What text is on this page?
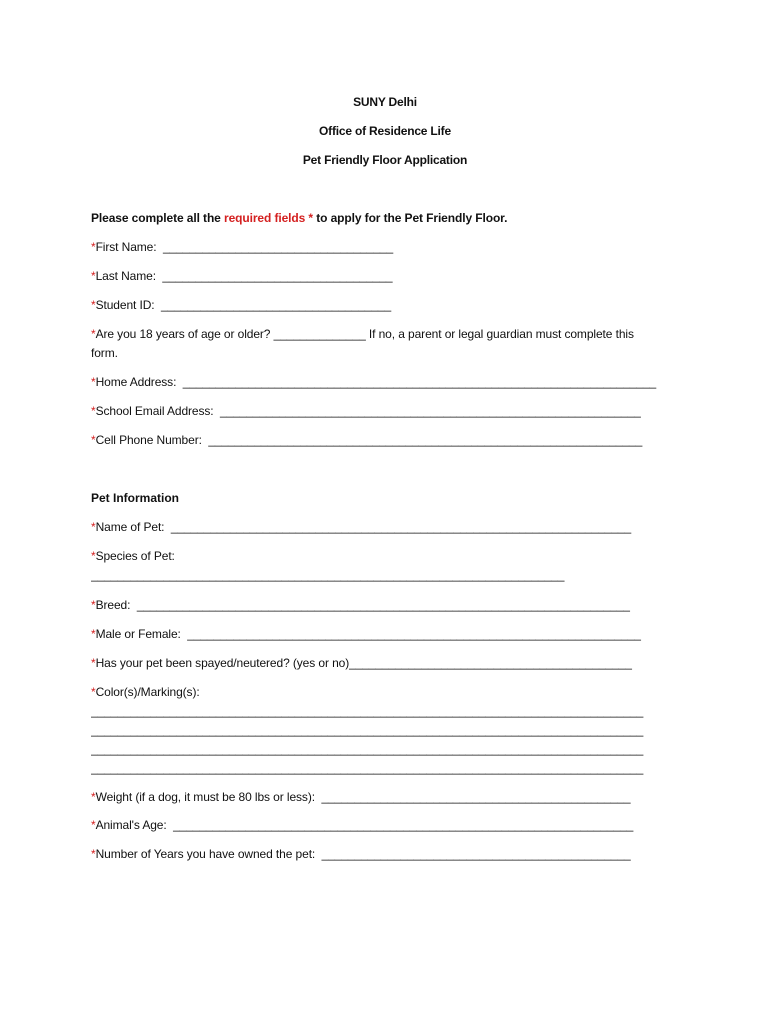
SUNY Delhi
Office of Residence Life
Pet Friendly Floor Application
Please complete all the required fields * to apply for the Pet Friendly Floor.
*First Name: ___________________________________
*Last Name: ___________________________________
*Student ID: ___________________________________
*Are you 18 years of age or older? ______________ If no, a parent or legal guardian must complete this
form.
*Home Address: ________________________________________________________________________
*School Email Address: ________________________________________________________________
*Cell Phone Number: __________________________________________________________________
Pet Information
*Name of Pet: ______________________________________________________________________
*Species of Pet:
________________________________________________________________________
*Breed: ___________________________________________________________________________
*Male or Female: _____________________________________________________________________
*Has your pet been spayed/neutered? (yes or no)___________________________________________
*Color(s)/Marking(s):
____________________________________________________________________________________
____________________________________________________________________________________
____________________________________________________________________________________
____________________________________________________________________________________
*Weight (if a dog, it must be 80 lbs or less): _______________________________________________
*Animal's Age: ______________________________________________________________________
*Number of Years you have owned the pet: _______________________________________________
